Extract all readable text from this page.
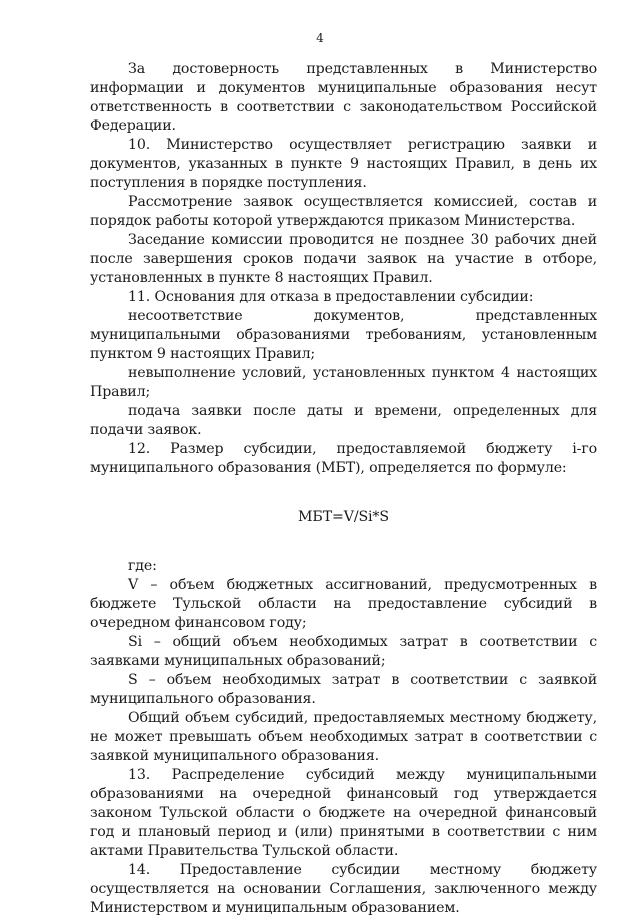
4

За достоверность представленных в Министерство информации и документов муниципальные образования несут ответственность в соответствии с законодательством Российской Федерации.

10. Министерство осуществляет регистрацию заявки и документов, указанных в пункте 9 настоящих Правил, в день их поступления в порядке поступления.

Рассмотрение заявок осуществляется комиссией, состав и порядок работы которой утверждаются приказом Министерства.

Заседание комиссии проводится не позднее 30 рабочих дней после завершения сроков подачи заявок на участие в отборе, установленных в пункте 8 настоящих Правил.

11. Основания для отказа в предоставлении субсидии:

несоответствие документов, представленных муниципальными образованиями требованиям, установленным пунктом 9 настоящих Правил;

невыполнение условий, установленных пунктом 4 настоящих Правил;

подача заявки после даты и времени, определенных для подачи заявок.

12. Размер субсидии, предоставляемой бюджету i-го муниципального образования (МБТ), определяется по формуле:

МБТ=V/Si*S

где:

V – объем бюджетных ассигнований, предусмотренных в бюджете Тульской области на предоставление субсидий в очередном финансовом году;

Si – общий объем необходимых затрат в соответствии с заявками муниципальных образований;

S – объем необходимых затрат в соответствии с заявкой муниципального образования.

Общий объем субсидий, предоставляемых местному бюджету, не может превышать объем необходимых затрат в соответствии с заявкой муниципального образования.

13. Распределение субсидий между муниципальными образованиями на очередной финансовый год утверждается законом Тульской области о бюджете на очередной финансовый год и плановый период и (или) принятыми в соответствии с ним актами Правительства Тульской области.

14. Предоставление субсидии местному бюджету осуществляется на основании Соглашения, заключенного между Министерством и муниципальным образованием.
